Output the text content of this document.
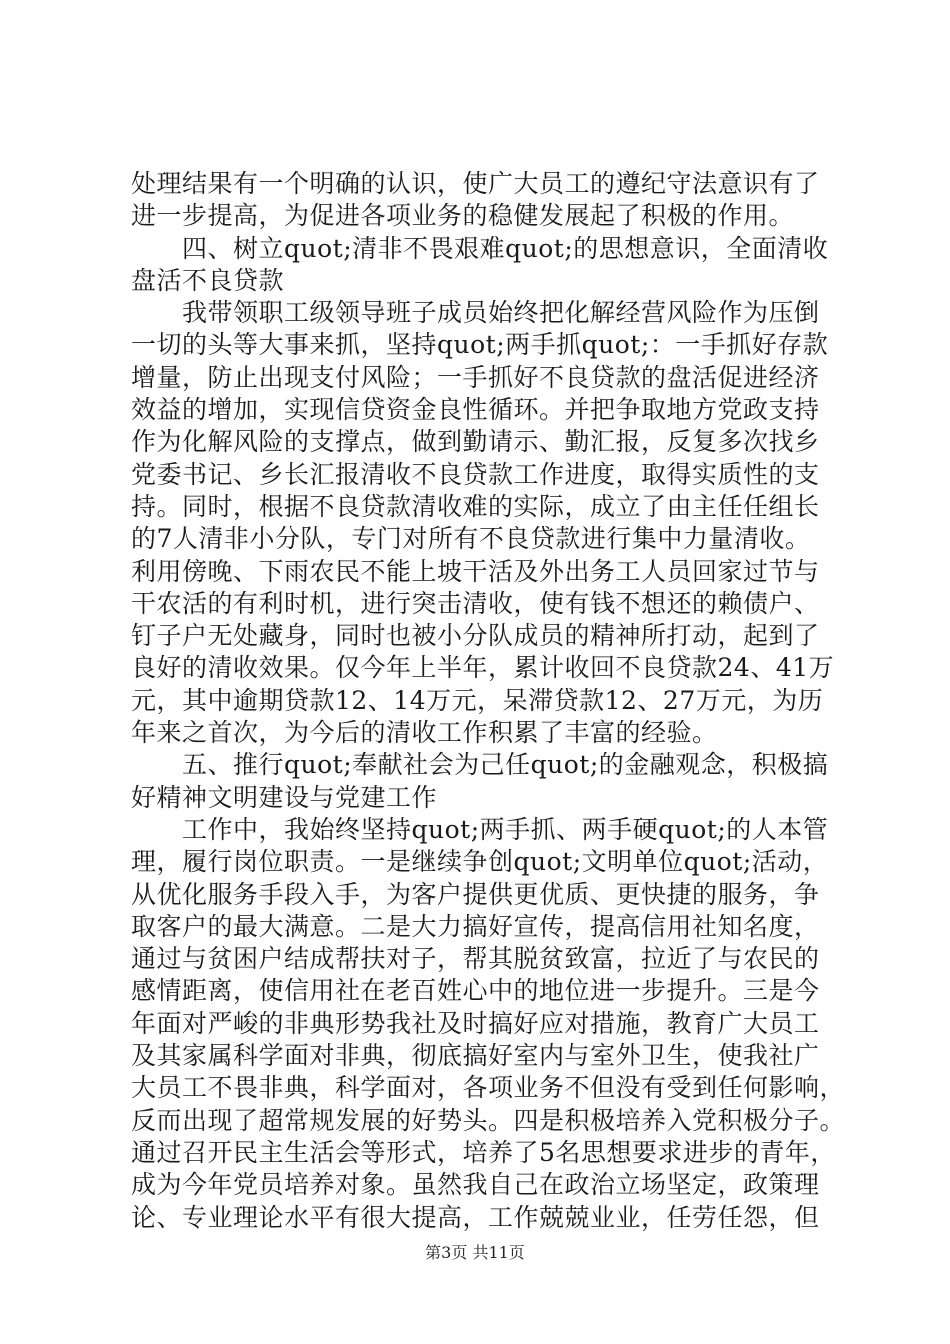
处理结果有一个明确的认识，使广大员工的遵纪守法意识有了
进一步提高，为促进各项业务的稳健发展起了积极的作用。
　　四、树立quot;清非不畏艰难quot;的思想意识，全面清收
盘活不良贷款
　　我带领职工级领导班子成员始终把化解经营风险作为压倒
一切的头等大事来抓，坚持quot;两手抓quot;：一手抓好存款
增量，防止出现支付风险；一手抓好不良贷款的盘活促进经济
效益的增加，实现信贷资金良性循环。并把争取地方党政支持
作为化解风险的支撑点，做到勤请示、勤汇报，反复多次找乡
党委书记、乡长汇报清收不良贷款工作进度，取得实质性的支
持。同时，根据不良贷款清收难的实际，成立了由主任任组长
的7人清非小分队，专门对所有不良贷款进行集中力量清收。
利用傍晚、下雨农民不能上坡干活及外出务工人员回家过节与
干农活的有利时机，进行突击清收，使有钱不想还的赖债户、
钉子户无处藏身，同时也被小分队成员的精神所打动，起到了
良好的清收效果。仅今年上半年，累计收回不良贷款24、41万
元，其中逾期贷款12、14万元，呆滞贷款12、27万元，为历
年来之首次，为今后的清收工作积累了丰富的经验。
　　五、推行quot;奉献社会为己任quot;的金融观念，积极搞
好精神文明建设与党建工作
　　工作中，我始终坚持quot;两手抓、两手硬quot;的人本管
理，履行岗位职责。一是继续争创quot;文明单位quot;活动，
从优化服务手段入手，为客户提供更优质、更快捷的服务，争
取客户的最大满意。二是大力搞好宣传，提高信用社知名度，
通过与贫困户结成帮扶对子，帮其脱贫致富，拉近了与农民的
感情距离，使信用社在老百姓心中的地位进一步提升。三是今
年面对严峻的非典形势我社及时搞好应对措施，教育广大员工
及其家属科学面对非典，彻底搞好室内与室外卫生，使我社广
大员工不畏非典，科学面对，各项业务不但没有受到任何影响，
反而出现了超常规发展的好势头。四是积极培养入党积极分子。
通过召开民主生活会等形式，培养了5名思想要求进步的青年，
成为今年党员培养对象。虽然我自己在政治立场坚定，政策理
论、专业理论水平有很大提高，工作兢兢业业，任劳任怨，但
第3页 共11页
